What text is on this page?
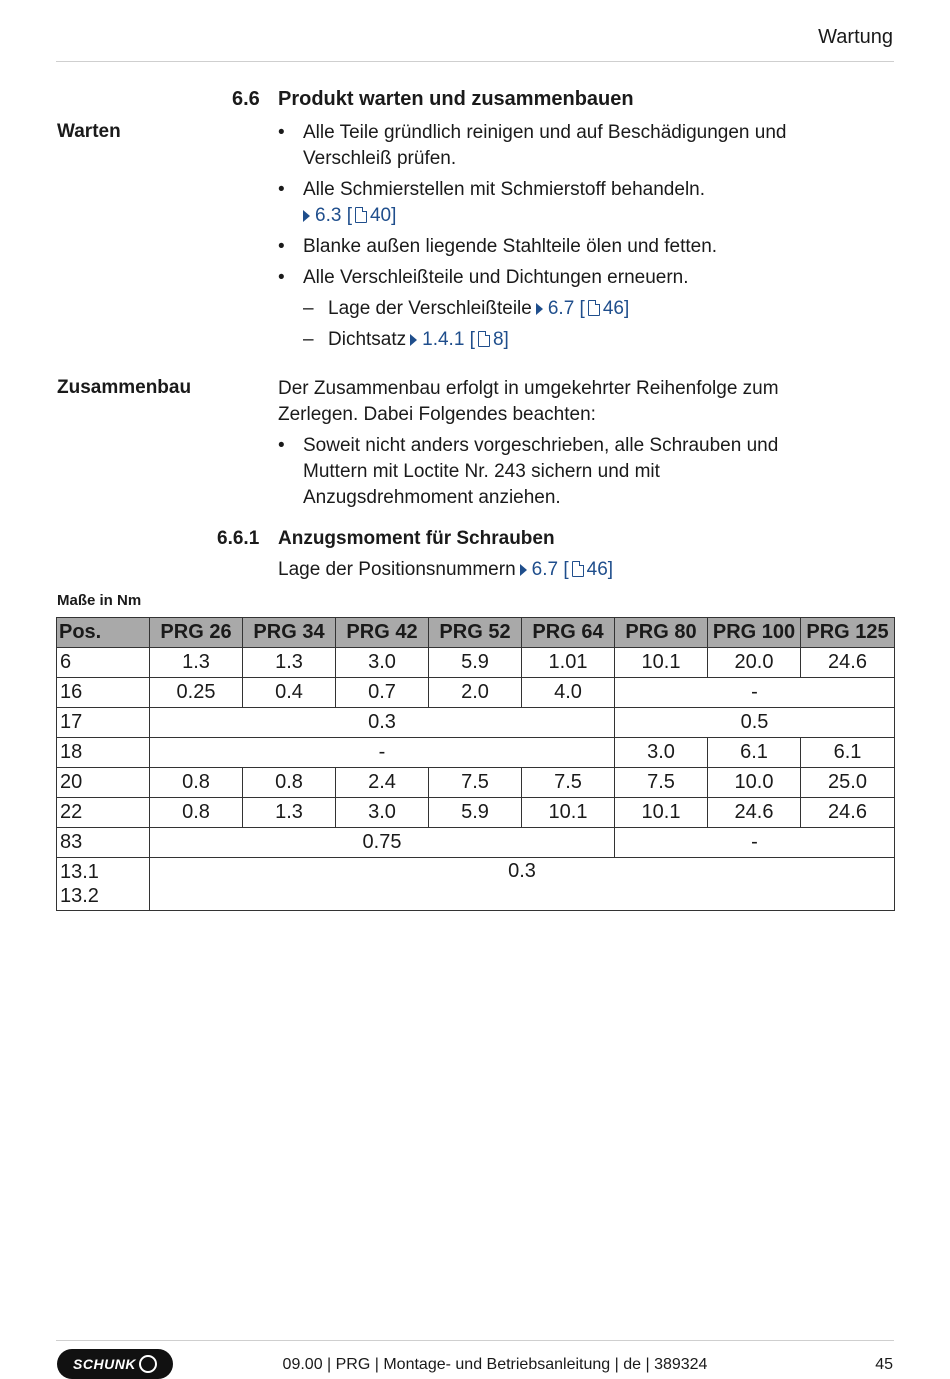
Wartung
6.6 Produkt warten und zusammenbauen
Warten	• Alle Teile gründlich reinigen und auf Beschädigungen und
Verschleiß prüfen.
• Alle Schmierstellen mit Schmierstoff behandeln.
6.3 [ 40]
• Blanke außen liegende Stahlteile ölen und fetten.
• Alle Verschleißteile und Dichtungen erneuern.
– Lage der Verschleißteile 6.7 [ 46]
– Dichtsatz 1.4.1 [ 8]
Zusammenbau	Der Zusammenbau erfolgt in umgekehrter Reihenfolge zum
Zerlegen. Dabei Folgendes beachten:
• Soweit nicht anders vorgeschrieben, alle Schrauben und
Muttern mit Loctite Nr. 243 sichern und mit
Anzugsdrehmoment anziehen.
6.6.1 Anzugsmoment für Schrauben
Lage der Positionsnummern 6.7 [ 46]
Maße in Nm
Pos.	PRG 26	PRG 34	PRG 42	PRG 52	PRG 64	PRG 80	PRG 100	PRG 125
6	1.3	1.3	3.0	5.9	1.01	10.1	20.0	24.6
16	0.25	0.4	0.7	2.0	4.0	-		
17	0.3					0.5		
18	-					3.0	6.1	6.1
20	0.8	0.8	2.4	7.5	7.5	7.5	10.0	25.0
22	0.8	1.3	3.0	5.9	10.1	10.1	24.6	24.6
83	0.75					-		
13.1
13.2	0.3							
SCHUNK	09.00 | PRG | Montage- und Betriebsanleitung | de | 389324	45
